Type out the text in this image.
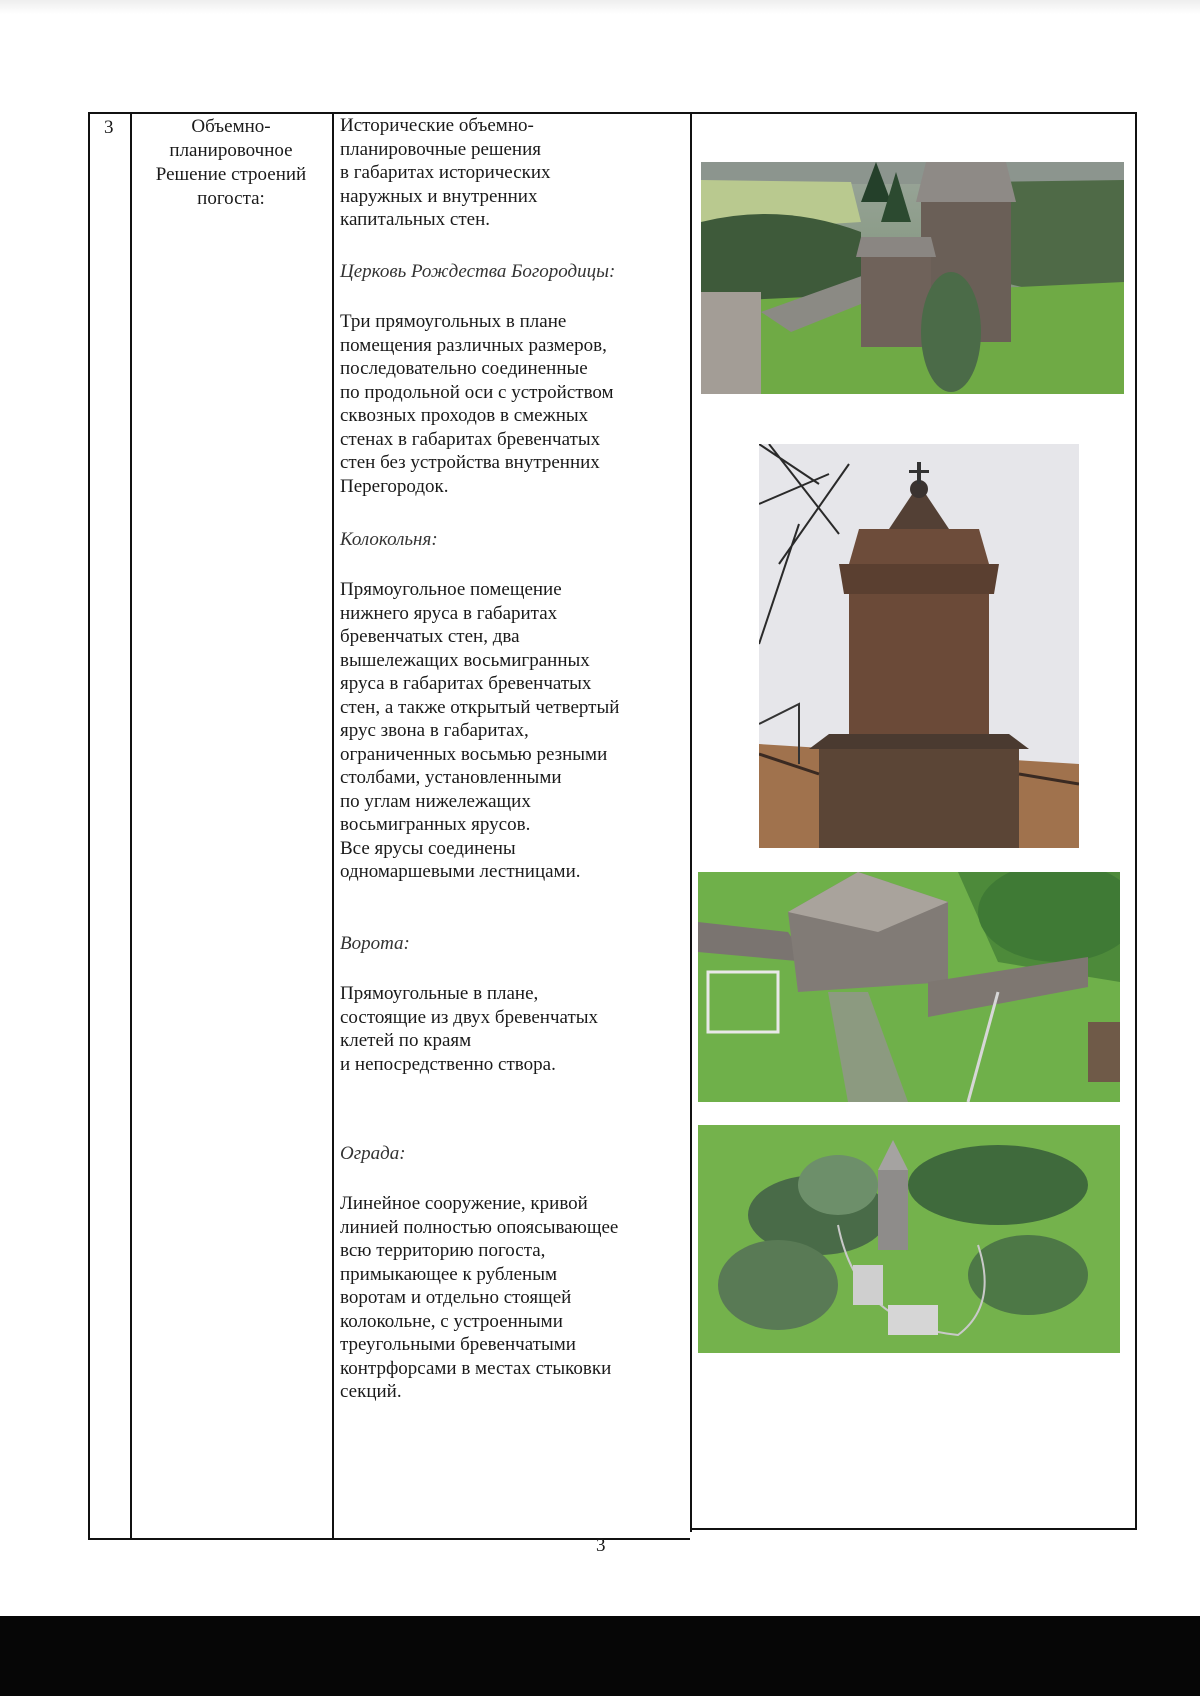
3	Объемно-
планировочное
Решение строений
погоста:
Исторические объемно-
планировочные решения
в габаритах исторических
наружных и внутренних
капитальных стен.
Церковь Рождества Богородицы:
Три прямоугольных в плане
помещения различных размеров,
последовательно соединенные
по продольной оси с устройством
сквозных проходов в смежных
стенах в габаритах бревенчатых
стен без устройства внутренних
Перегородок.
Колокольня:
Прямоугольное помещение
нижнего яруса в габаритах
бревенчатых стен, два
вышележащих восьмигранных
яруса в габаритах бревенчатых
стен, а также открытый четвертый
ярус звона в габаритах,
ограниченных восьмью резными
столбами, установленными
по углам нижележащих
восьмигранных ярусов.
Все ярусы соединены
одномаршевыми лестницами.
Ворота:
Прямоугольные в плане,
состоящие из двух бревенчатых
клетей по краям
и непосредственно створа.
Ограда:
Линейное сооружение, кривой
линией полностью опоясывающее
всю территорию погоста,
примыкающее к рубленым
воротам и отдельно стоящей
колокольне, с устроенными
треугольными бревенчатыми
контрфорсами в местах стыковки
секций.
3
